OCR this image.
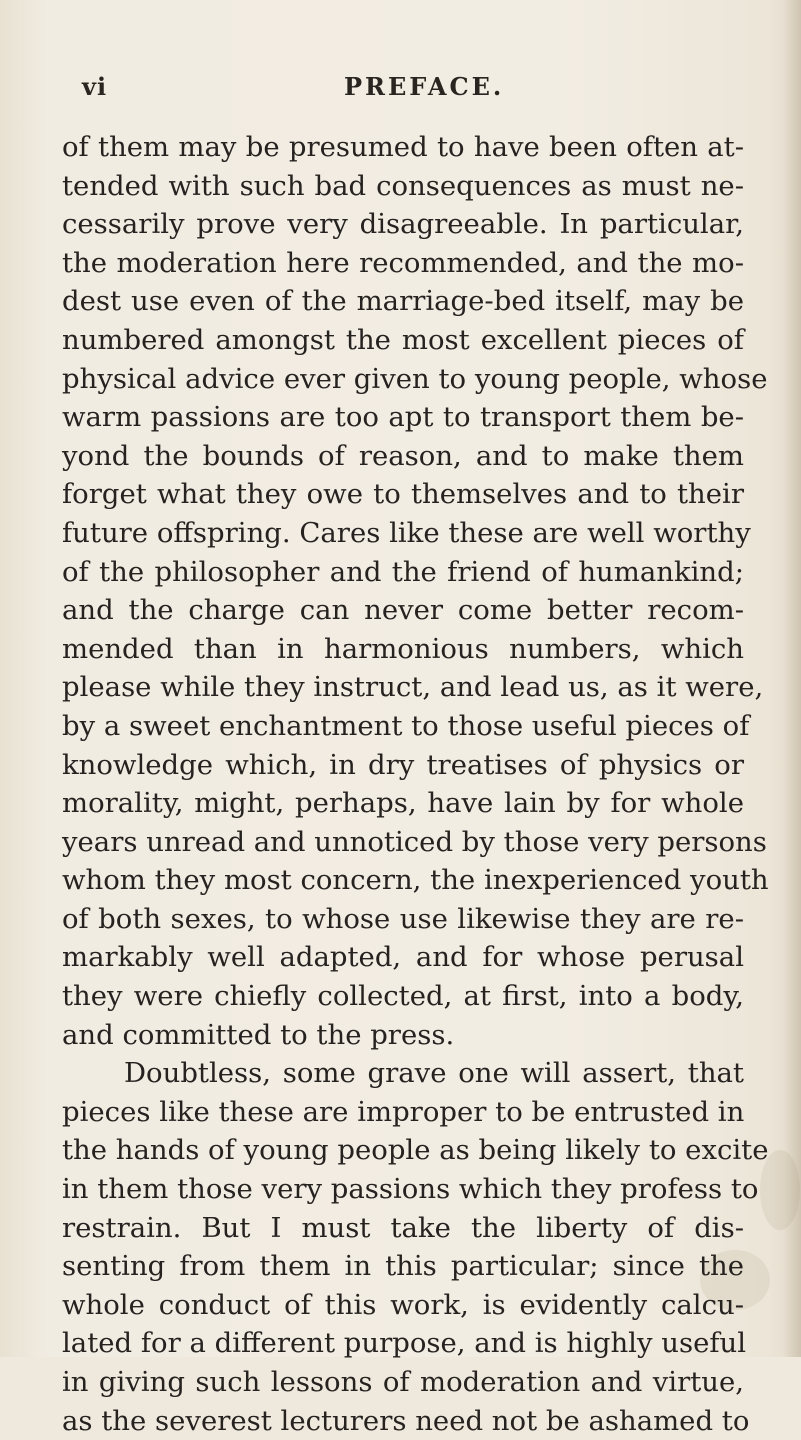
vi	PREFACE.
of them may be presumed to have been often at-
tended with such bad consequences as must ne-
cessarily prove very disagreeable. In particular,
the moderation here recommended, and the mo-
dest use even of the marriage-bed itself, may be
numbered amongst the most excellent pieces of
physical advice ever given to young people, whose
warm passions are too apt to transport them be-
yond the bounds of reason, and to make them
forget what they owe to themselves and to their
future offspring. Cares like these are well worthy
of the philosopher and the friend of humankind;
and the charge can never come better recom-
mended than in harmonious numbers, which
please while they instruct, and lead us, as it were,
by a sweet enchantment to those useful pieces of
knowledge which, in dry treatises of physics or
morality, might, perhaps, have lain by for whole
years unread and unnoticed by those very persons
whom they most concern, the inexperienced youth
of both sexes, to whose use likewise they are re-
markably well adapted, and for whose perusal
they were chiefly collected, at first, into a body,
and committed to the press.
Doubtless, some grave one will assert, that
pieces like these are improper to be entrusted in
the hands of young people as being likely to excite
in them those very passions which they profess to
restrain. But I must take the liberty of dis-
senting from them in this particular; since the
whole conduct of this work, is evidently calcu-
lated for a different purpose, and is highly useful
in giving such lessons of moderation and virtue,
as the severest lecturers need not be ashamed to
